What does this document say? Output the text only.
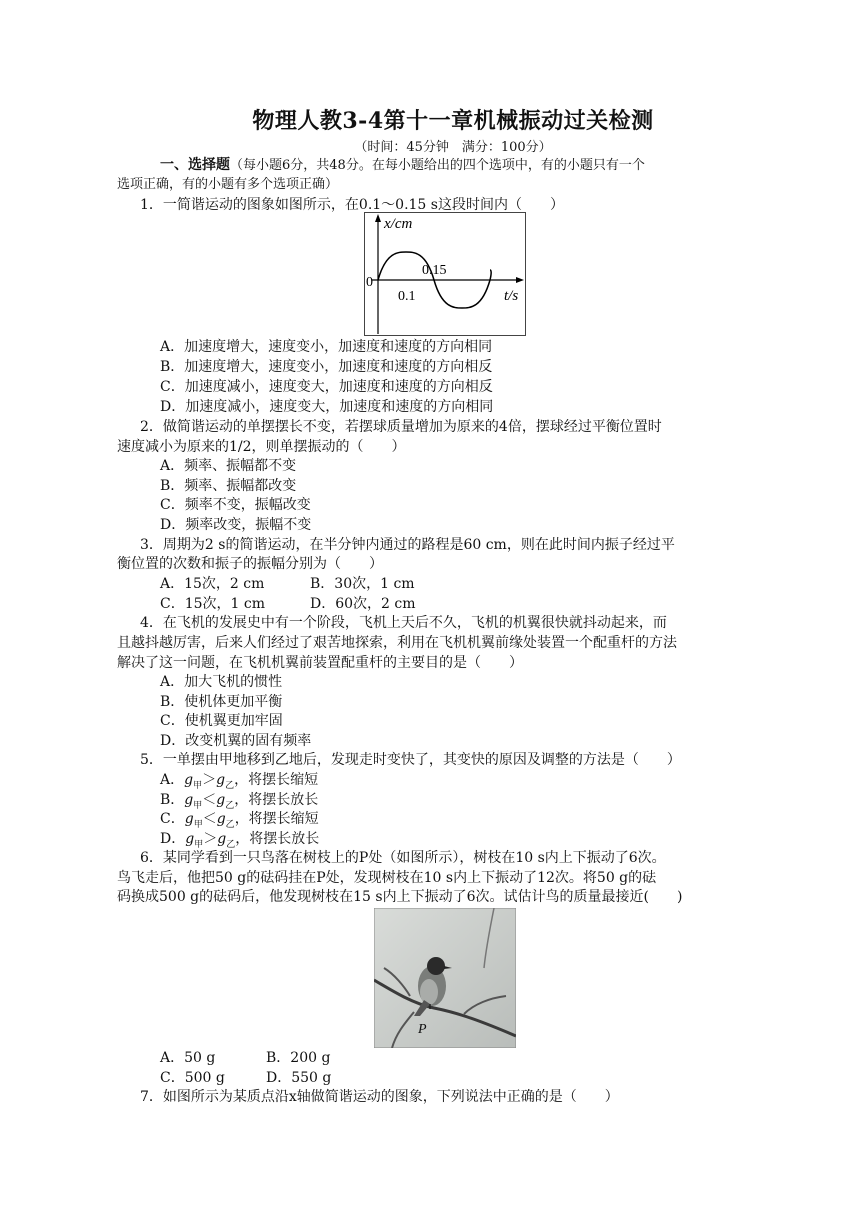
物理人教3-4第十一章机械振动过关检测
（时间：45分钟　满分：100分）
一、选择题（每小题6分，共48分。在每小题给出的四个选项中，有的小题只有一个
选项正确，有的小题有多个选项正确）
1．一简谐运动的图象如图所示，在0.1～0.15 s这段时间内（　　）
x/cm
t/s
0
0.1
0.15
A．加速度增大，速度变小，加速度和速度的方向相同
B．加速度增大，速度变小，加速度和速度的方向相反
C．加速度减小，速度变大，加速度和速度的方向相反
D．加速度减小，速度变大，加速度和速度的方向相同
2．做简谐运动的单摆摆长不变，若摆球质量增加为原来的4倍，摆球经过平衡位置时
速度减小为原来的1/2，则单摆振动的（　　）
A．频率、振幅都不变
B．频率、振幅都改变
C．频率不变，振幅改变
D．频率改变，振幅不变
3．周期为2 s的简谐运动，在半分钟内通过的路程是60 cm，则在此时间内振子经过平
衡位置的次数和振子的振幅分别为（　　）
A．15次，2 cm	B．30次，1 cm
C．15次，1 cm	D．60次，2 cm
4．在飞机的发展史中有一个阶段，飞机上天后不久，飞机的机翼很快就抖动起来，而
且越抖越厉害，后来人们经过了艰苦地探索，利用在飞机机翼前缘处装置一个配重杆的方法
解决了这一问题，在飞机机翼前装置配重杆的主要目的是（　　）
A．加大飞机的惯性
B．使机体更加平衡
C．使机翼更加牢固
D．改变机翼的固有频率
5．一单摆由甲地移到乙地后，发现走时变快了，其变快的原因及调整的方法是（　　）
A．$g_甲>g_乙$，将摆长缩短
B．$g_甲<g_乙$，将摆长放长
C．$g_甲<g_乙$，将摆长缩短
D．$g_甲>g_乙$，将摆长放长
6．某同学看到一只鸟落在树枝上的P处（如图所示），树枝在10 s内上下振动了6次。
鸟飞走后，他把50 g的砝码挂在P处，发现树枝在10 s内上下振动了12次。将50 g的砝
码换成500 g的砝码后，他发现树枝在15 s内上下振动了6次。试估计鸟的质量最接近(　　)
P
A．50 g	B．200 g
C．500 g	D．550 g
7．如图所示为某质点沿x轴做简谐运动的图象，下列说法中正确的是（　　）
